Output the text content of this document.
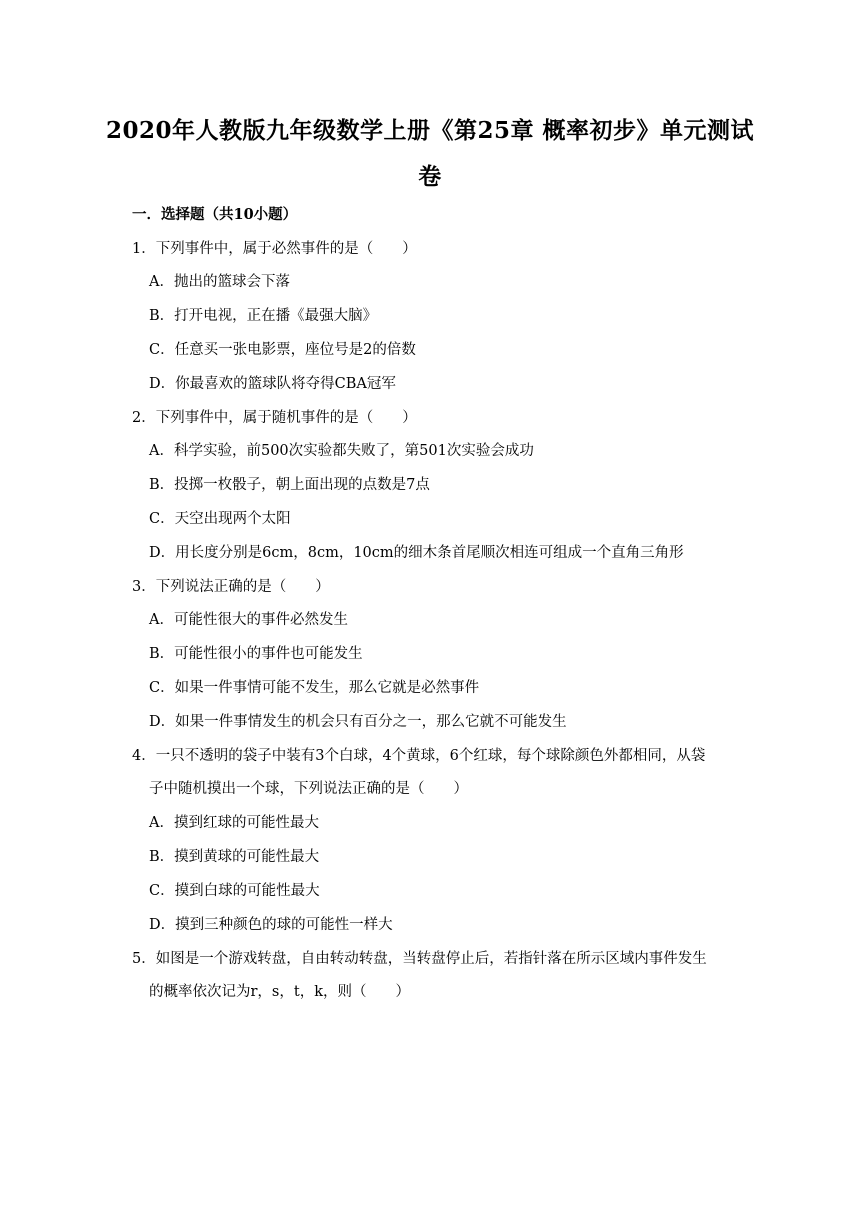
2020年人教版九年级数学上册《第25章 概率初步》单元测试
卷
一．选择题（共10小题）
1．下列事件中，属于必然事件的是（　　）
A．抛出的篮球会下落
B．打开电视，正在播《最强大脑》
C．任意买一张电影票，座位号是2的倍数
D．你最喜欢的篮球队将夺得CBA冠军
2．下列事件中，属于随机事件的是（　　）
A．科学实验，前500次实验都失败了，第501次实验会成功
B．投掷一枚骰子，朝上面出现的点数是7点
C．天空出现两个太阳
D．用长度分别是6cm，8cm，10cm的细木条首尾顺次相连可组成一个直角三角形
3．下列说法正确的是（　　）
A．可能性很大的事件必然发生
B．可能性很小的事件也可能发生
C．如果一件事情可能不发生，那么它就是必然事件
D．如果一件事情发生的机会只有百分之一，那么它就不可能发生
4．一只不透明的袋子中装有3个白球，4个黄球，6个红球，每个球除颜色外都相同，从袋
子中随机摸出一个球，下列说法正确的是（　　）
A．摸到红球的可能性最大
B．摸到黄球的可能性最大
C．摸到白球的可能性最大
D．摸到三种颜色的球的可能性一样大
5．如图是一个游戏转盘，自由转动转盘，当转盘停止后，若指针落在所示区域内事件发生
的概率依次记为r，s，t，k，则（　　）
